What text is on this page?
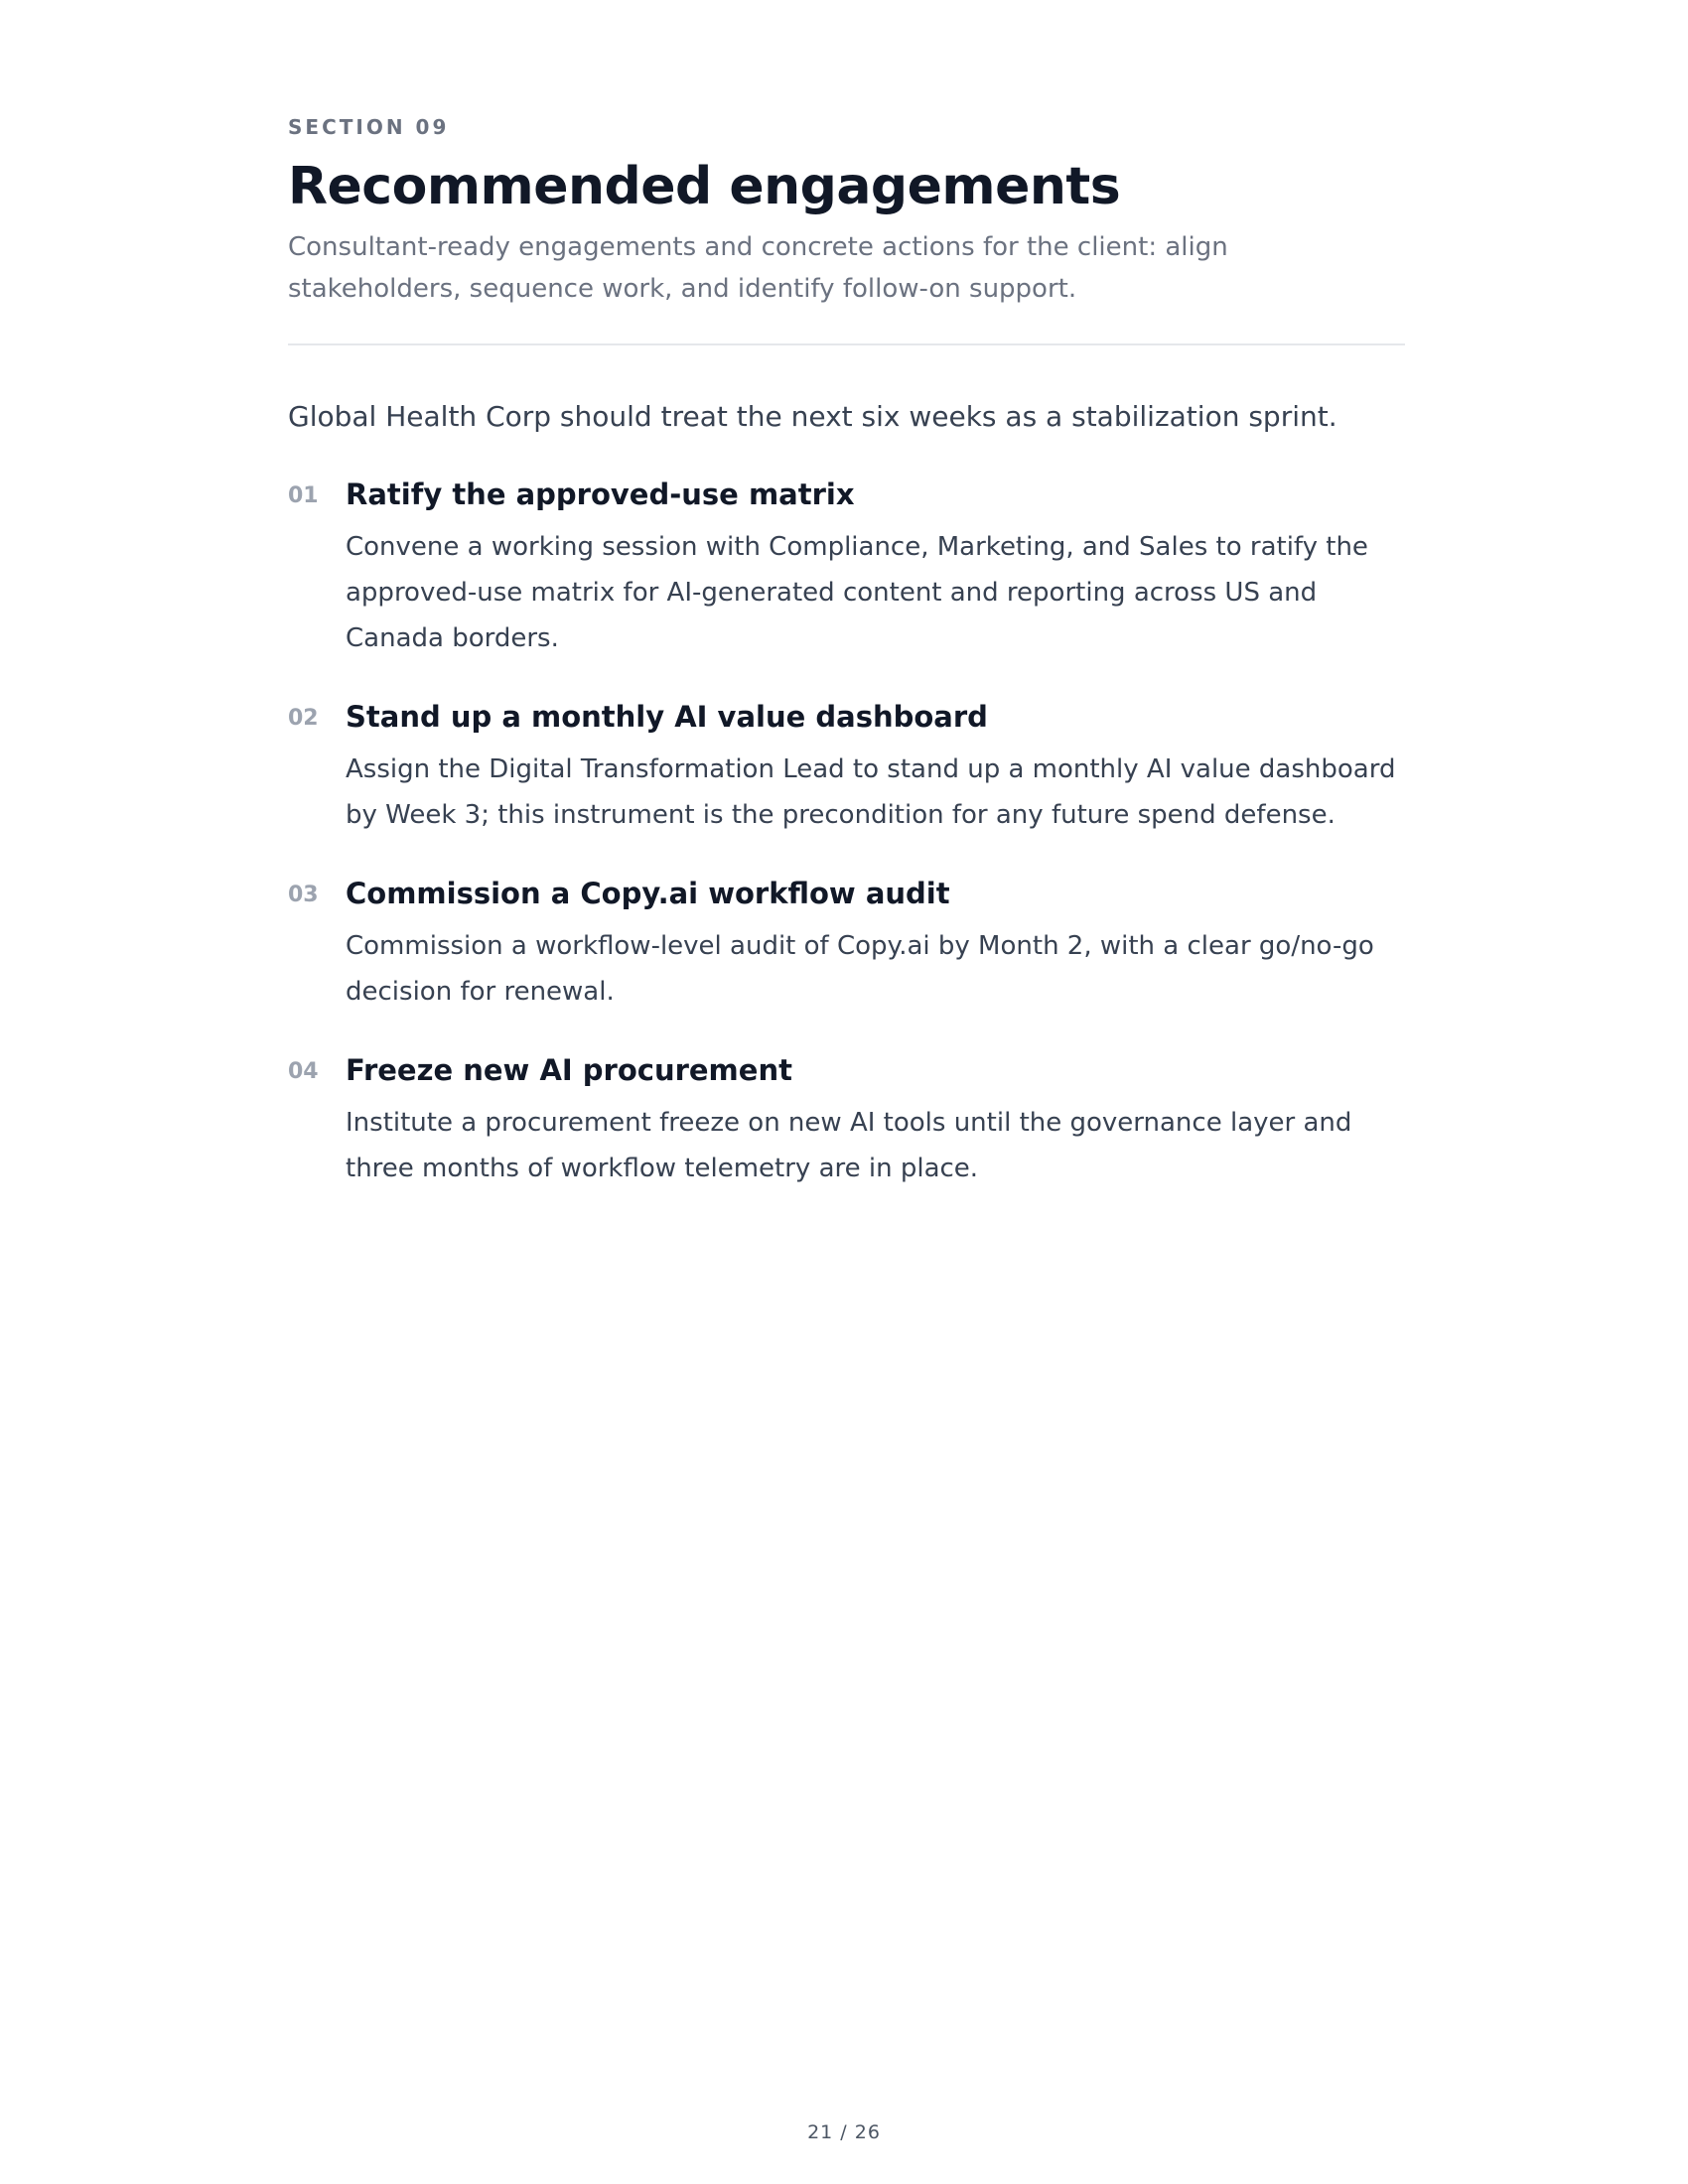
SECTION 09

Recommended engagements

Consultant-ready engagements and concrete actions for the client: align stakeholders, sequence work, and identify follow-on support.

Global Health Corp should treat the next six weeks as a stabilization sprint.

01 Ratify the approved-use matrix

Convene a working session with Compliance, Marketing, and Sales to ratify the approved-use matrix for AI-generated content and reporting across US and Canada borders.

02 Stand up a monthly AI value dashboard

Assign the Digital Transformation Lead to stand up a monthly AI value dashboard by Week 3; this instrument is the precondition for any future spend defense.

03 Commission a Copy.ai workflow audit

Commission a workflow-level audit of Copy.ai by Month 2, with a clear go/no-go decision for renewal.

04 Freeze new AI procurement

Institute a procurement freeze on new AI tools until the governance layer and three months of workflow telemetry are in place.

21 / 26
